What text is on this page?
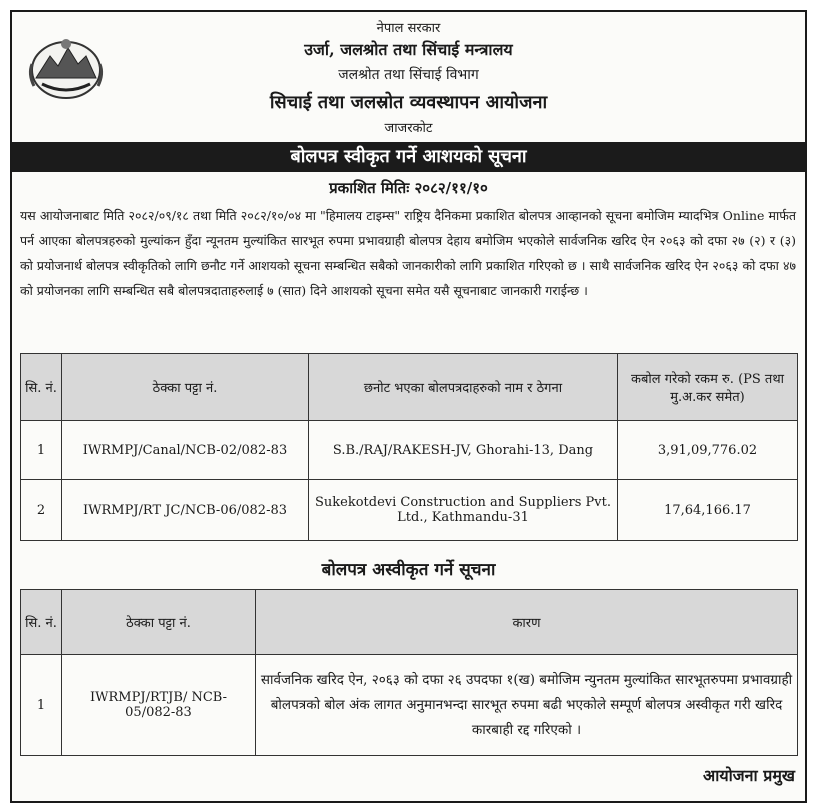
नेपाल सरकार
उर्जा, जलश्रोत तथा सिंचाई मन्त्रालय
जलश्रोत तथा सिंचाई विभाग
सिचाई तथा जलस्रोत व्यवस्थापन आयोजना
जाजरकोट
बोलपत्र स्वीकृत गर्ने आशयको सूचना
प्रकाशित मितिः २०८२/११/१०
यस आयोजनाबाट मिति २०८२/०९/१८ तथा मिति २०८२/१०/०४ मा "हिमालय टाइम्स" राष्ट्रिय दैनिकमा प्रकाशित बोलपत्र आव्हानको सूचना बमोजिम म्यादभित्र Online मार्फत पर्न आएका बोलपत्रहरुको मुल्यांकन हुँदा न्यूनतम मुल्यांकित सारभूत रुपमा प्रभावग्राही बोलपत्र देहाय बमोजिम भएकोले सार्वजनिक खरिद ऐन २०६३ को दफा २७ (२) र (३) को प्रयोजनार्थ बोलपत्र स्वीकृतिको लागि छनौट गर्ने आशयको सूचना सम्बन्धित सबैको जानकारीको लागि प्रकाशित गरिएको छ । साथै सार्वजनिक खरिद ऐन २०६३ को दफा ४७ को प्रयोजनका लागि सम्बन्धित सबै बोलपत्रदाताहरुलाई ७ (सात) दिने आशयको सूचना समेत यसै सूचनाबाट जानकारी गराईन्छ ।
सि. नं.	ठेक्का पट्टा नं.	छनोट भएका बोलपत्रदाहरुको नाम र ठेगना	कबोल गरेको रकम रु. (PS तथा मु.अ.कर समेत)
1	IWRMPJ/Canal/NCB-02/082-83	S.B./RAJ/RAKESH-JV, Ghorahi-13, Dang	3,91,09,776.02
2	IWRMPJ/RT JC/NCB-06/082-83	Sukekotdevi Construction and Suppliers Pvt. Ltd., Kathmandu-31	17,64,166.17
बोलपत्र अस्वीकृत गर्ने सूचना
सि. नं.	ठेक्का पट्टा नं.	कारण
1	IWRMPJ/RTJB/ NCB-05/082-83	सार्वजनिक खरिद ऐन, २०६३ को दफा २६ उपदफा १(ख) बमोजिम न्युनतम मुल्यांकित सारभूतरुपमा प्रभावग्राही बोलपत्रको बोल अंक लागत अनुमानभन्दा सारभूत रुपमा बढी भएकोले सम्पूर्ण बोलपत्र अस्वीकृत गरी खरिद कारबाही रद्द गरिएको ।
आयोजना प्रमुख
